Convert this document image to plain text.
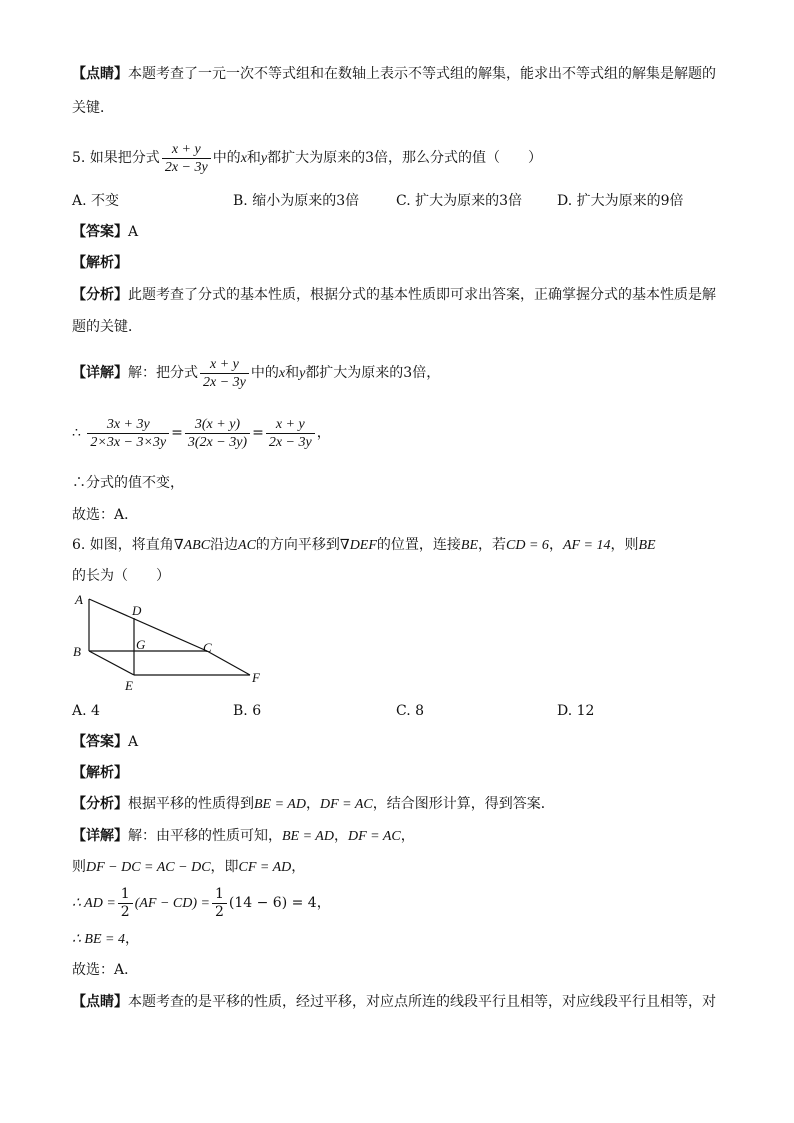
【点睛】本题考查了一元一次不等式组和在数轴上表示不等式组的解集，能求出不等式组的解集是解题的
关键．
5. 如果把分式 $\frac{x + y}{2x - 3y}$ 中的x和y都扩大为原来的3倍，那么分式的值（　　）
A. 不变	B. 缩小为原来的3倍	C. 扩大为原来的3倍 D. 扩大为原来的9倍
【答案】A
【解析】
【分析】此题考查了分式的基本性质，根据分式的基本性质即可求出答案，正确掌握分式的基本性质是解
题的关键．
【详解】解：把分式 $\frac{x + y}{2x - 3y}$ 中的x和y都扩大为原来的3倍，
∴ $\frac{3x + 3y}{2\times 3x - 3\times 3y} = \frac{3(x + y)}{3(2x - 3y)} = \frac{x + y}{2x - 3y}$ ，
∴分式的值不变，
故选：A．
6. 如图，将直角∇ABC沿边AC的方向平移到∇DEF的位置，连接BE，若CD = 6，AF = 14，则BE
的长为（　　）
A
D
G
B	C
E
F
A. 4	B. 6	C. 8	D. 12
【答案】A
【解析】
【分析】根据平移的性质得到BE = AD，DF = AC，结合图形计算，得到答案．
【详解】解：由平移的性质可知，BE = AD，DF = AC，
则DF − DC = AC − DC，即CF = AD，
∴ AD = $\frac{1}{2} (AF - CD) = \frac{1}{2} (14 - 6) = 4$，
∴ BE = 4，
故选：A．
【点睛】本题考查的是平移的性质，经过平移，对应点所连的线段平行且相等，对应线段平行且相等，对
